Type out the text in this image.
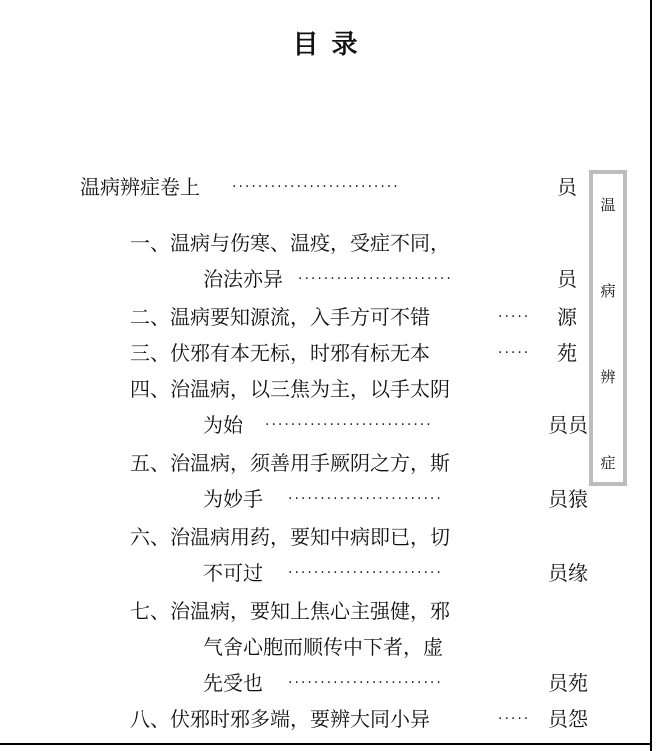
目 录
温病辨症卷上 ··························	员
一、温病与伤寒、温疫，受症不同，
治法亦异 ························	员
二、温病要知源流，入手方可不错	·····	源
三、伏邪有本无标，时邪有标无本	·····	苑
四、治温病，以三焦为主，以手太阴
为始 ··························	员员
五、治温病，须善用手厥阴之方，斯
为妙手 ························	员猿
六、治温病用药，要知中病即已，切
不可过 ························	员缘
七、治温病，要知上焦心主强健，邪
气舍心胞而顺传中下者，虚
先受也 ························	员苑
八、伏邪时邪多端，要辨大同小异	····· 员怨
温
病
辨
症
